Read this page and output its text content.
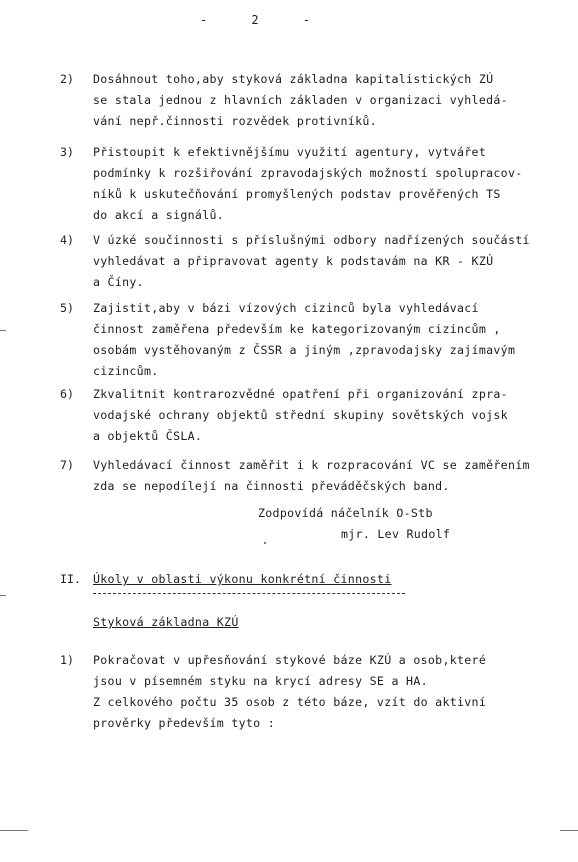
-	2	-
2) Dosáhnout toho,aby styková základna kapitalistických ZÚ
se stala jednou z hlavních základen v organizaci vyhledá-
vání nepř.činnosti rozvědek protivníků.
3) Přistoupit k efektivnějšímu využití agentury, vytvářet
podmínky k rozšiřování zpravodajských možností spolupracov-
níků k uskutečňování promyšlených podstav prověřených TS
do akcí a signálů.
4) V úzké součinnosti s příslušnými odbory nadřízených součástí
vyhledávat a připravovat agenty k podstavám na KR - KZÚ
a Číny.
5) Zajistit,aby v bázi vízových cizinců byla vyhledávací
činnost zaměřena především ke kategorizovaným cizincům ,
osobám vystěhovaným z ČSSR a jiným ,zpravodajsky zajímavým
cizincům.
6) Zkvalitnit kontrarozvědné opatření při organizování zpra-
vodajské ochrany objektů střední skupiny sovětských vojsk
a objektů ČSLA.
7) Vyhledávací činnost zaměřit i k rozpracování VC se zaměřením
zda se nepodílejí na činnosti převáděčských band.
Zodpovídá náčelník O-Stb
mjr. Lev Rudolf
II. Úkoly v oblasti výkonu konkrétní činnosti
Styková základna KZÚ
1) Pokračovat v upřesňování stykové báze KZÚ a osob,které
jsou v písemném styku na krycí adresy SE a HA.
Z celkového počtu 35 osob z této báze, vzít do aktivní
prověrky především tyto :
